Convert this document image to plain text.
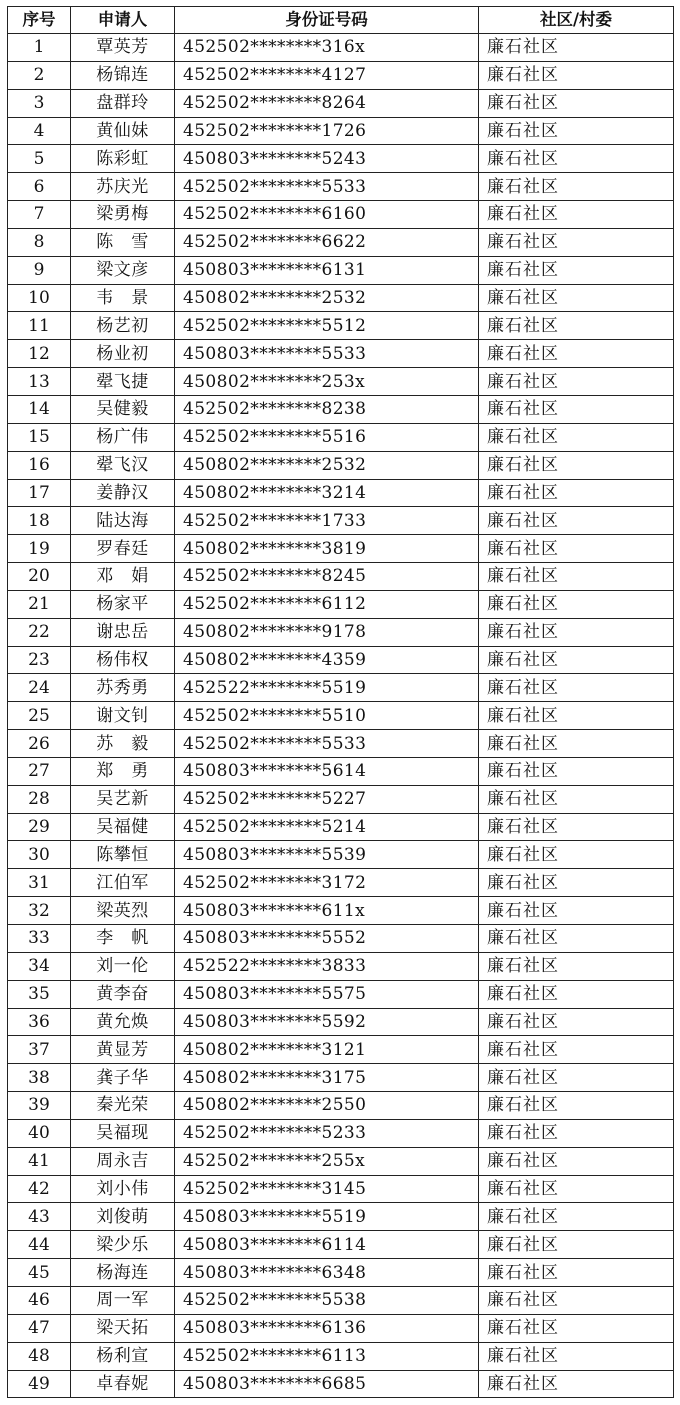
序号	申请人	身份证号码	社区/村委
1	覃英芳	452502********316x	廉石社区
2	杨锦连	452502********4127	廉石社区
3	盘群玲	452502********8264	廉石社区
4	黄仙妹	452502********1726	廉石社区
5	陈彩虹	450803********5243	廉石社区
6	苏庆光	452502********5533	廉石社区
7	梁勇梅	452502********6160	廉石社区
8	陈　雪	452502********6622	廉石社区
9	梁文彦	450803********6131	廉石社区
10	韦　景	450802********2532	廉石社区
11	杨艺初	452502********5512	廉石社区
12	杨业初	450803********5533	廉石社区
13	翚飞捷	450802********253x	廉石社区
14	吴健毅	452502********8238	廉石社区
15	杨广伟	452502********5516	廉石社区
16	翚飞汉	450802********2532	廉石社区
17	姜静汉	450802********3214	廉石社区
18	陆达海	452502********1733	廉石社区
19	罗春廷	450802********3819	廉石社区
20	邓　娟	452502********8245	廉石社区
21	杨家平	452502********6112	廉石社区
22	谢忠岳	450802********9178	廉石社区
23	杨伟权	450802********4359	廉石社区
24	苏秀勇	452522********5519	廉石社区
25	谢文钊	452502********5510	廉石社区
26	苏　毅	452502********5533	廉石社区
27	郑　勇	450803********5614	廉石社区
28	吴艺新	452502********5227	廉石社区
29	吴福健	452502********5214	廉石社区
30	陈攀恒	450803********5539	廉石社区
31	江伯军	452502********3172	廉石社区
32	梁英烈	450803********611x	廉石社区
33	李　帆	450803********5552	廉石社区
34	刘一伦	452522********3833	廉石社区
35	黄李奋	450803********5575	廉石社区
36	黄允焕	450803********5592	廉石社区
37	黄显芳	450802********3121	廉石社区
38	龚子华	450802********3175	廉石社区
39	秦光荣	450802********2550	廉石社区
40	吴福现	452502********5233	廉石社区
41	周永吉	452502********255x	廉石社区
42	刘小伟	452502********3145	廉石社区
43	刘俊萌	450803********5519	廉石社区
44	梁少乐	450803********6114	廉石社区
45	杨海连	450803********6348	廉石社区
46	周一军	452502********5538	廉石社区
47	梁天拓	450803********6136	廉石社区
48	杨利宣	452502********6113	廉石社区
49	卓春妮	450803********6685	廉石社区
